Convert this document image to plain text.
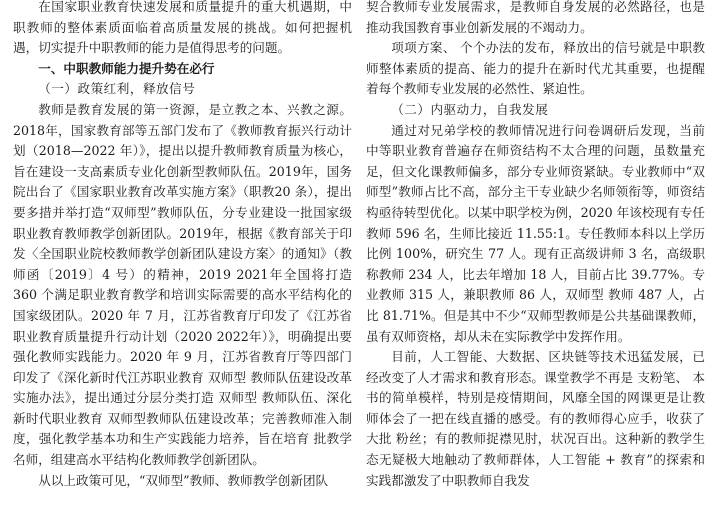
在国家职业教育快速发展和质量提升的重大机遇期，中职教师的整体素质面临着高质量发展的挑战。如何把握机遇，切实提升中职教师的能力是值得思考的问题。

一、中职教师能力提升势在必行

（一）政策红利，释放信号

教师是教育发展的第一资源，是立教之本、兴教之源。2018年，国家教育部等五部门发布了《教师教育振兴行动计划（2018—2022 年）》，提出以提升教师教育质量为核心，旨在建设一支高素质专业化创新型教师队伍。2019年，国务院出台了《国家职业教育改革实施方案》（职教20 条），提出要多措并举打造“双师型”教师队伍，分专业建设一批国家级职业教育教师教学创新团队。2019年，根据《教育部关于印发〈全国职业院校教师教学创新团队建设方案〉的通知》（教师函〔2019〕4 号）的精神，2019 2021年全国将打造 360 个满足职业教育教学和培训实际需要的高水平结构化的国家级团队。2020 年 7 月，江苏省教育厅印发了《江苏省职业教育质量提升行动计划（2020 2022年）》，明确提出要强化教师实践能力。2020 年 9 月，江苏省教育厅等四部门印发了《深化新时代江苏职业教育 双师型 教师队伍建设改革实施办法》，提出通过分层分类打造 双师型 教师队伍、深化新时代职业教育 双师型教师队伍建设改革；完善教师准入制度，强化教学基本功和生产实践能力培养，旨在培育 批教学名师，组建高水平结构化教师教学创新团队。

从以上政策可见，“双师型”教师、教师教学创新团队

契合教师专业发展需求，是教师自身发展的必然路径，也是推动我国教育事业创新发展的不竭动力。

项项方案、 个个办法的发布，释放出的信号就是中职教师整体素质的提高、能力的提升在新时代尤其重要，也提醒着每个教师专业发展的必然性、紧迫性。

（二）内驱动力，自我发展

通过对兄弟学校的教师情况进行问卷调研后发现，当前中等职业教育普遍存在师资结构不太合理的问题，虽数量充足，但文化课教师偏多，部分专业师资紧缺。专业教师中“双师型”教师占比不高，部分主干专业缺少名师领衔等，师资结构亟待转型优化。以某中职学校为例，2020 年该校现有专任教师 596 名，生师比接近 11.55:1。专任教师本科以上学历比例 100%，研究生 77 人。现有正高级讲师 3 名，高级职称教师 234 人，比去年增加 18 人，目前占比 39.77%。专业教师 315 人，兼职教师 86 人，双师型 教师 487 人，占比 81.71%。但是其中不少“双师型教师是公共基础课教师，虽有双师资格，却从未在实际教学中发挥作用。

目前，人工智能、大数据、区块链等技术迅猛发展，已经改变了人才需求和教育形态。课堂教学不再是 支粉笔、 本书的简单模样，特别是疫情期间，风靡全国的网课更是让教师体会了一把在线直播的感受。有的教师得心应手，收获了大批 粉丝；有的教师捉襟见肘，状况百出。这种新的教学生态无疑极大地触动了教师群体，人工智能 + 教育”的探索和实践都激发了中职教师自我发
